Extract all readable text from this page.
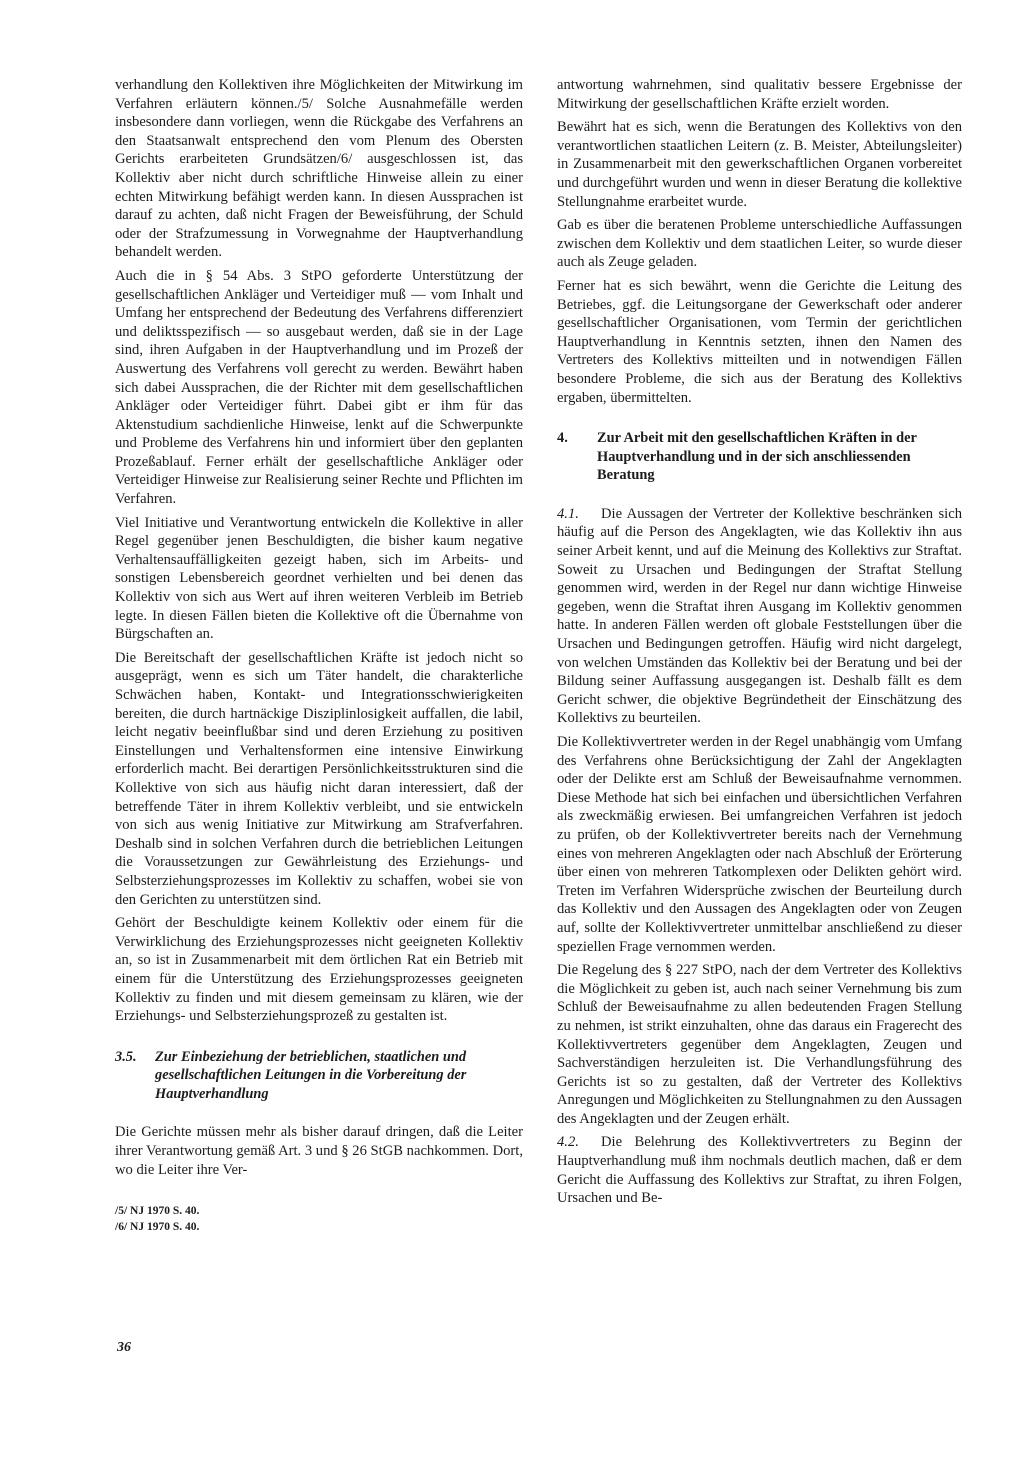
verhandlung den Kollektiven ihre Möglichkeiten der Mitwirkung im Verfahren erläutern können./5/ Solche Ausnahmefälle werden insbesondere dann vorliegen, wenn die Rückgabe des Verfahrens an den Staatsanwalt entsprechend den vom Plenum des Obersten Gerichts erarbeiteten Grundsätzen/6/ ausgeschlossen ist, das Kollektiv aber nicht durch schriftliche Hinweise allein zu einer echten Mitwirkung befähigt werden kann. In diesen Aussprachen ist darauf zu achten, daß nicht Fragen der Beweisführung, der Schuld oder der Strafzumessung in Vorwegnahme der Hauptverhandlung behandelt werden.

Auch die in § 54 Abs. 3 StPO geforderte Unterstützung der gesellschaftlichen Ankläger und Verteidiger muß — vom Inhalt und Umfang her entsprechend der Bedeutung des Verfahrens differenziert und deliktsspezifisch — so ausgebaut werden, daß sie in der Lage sind, ihren Aufgaben in der Hauptverhandlung und im Prozeß der Auswertung des Verfahrens voll gerecht zu werden. Bewährt haben sich dabei Aussprachen, die der Richter mit dem gesellschaftlichen Ankläger oder Verteidiger führt. Dabei gibt er ihm für das Aktenstudium sachdienliche Hinweise, lenkt auf die Schwerpunkte und Probleme des Verfahrens hin und informiert über den geplanten Prozeßablauf. Ferner erhält der gesellschaftliche Ankläger oder Verteidiger Hinweise zur Realisierung seiner Rechte und Pflichten im Verfahren.

Viel Initiative und Verantwortung entwickeln die Kollektive in aller Regel gegenüber jenen Beschuldigten, die bisher kaum negative Verhaltensauffälligkeiten gezeigt haben, sich im Arbeits- und sonstigen Lebensbereich geordnet verhielten und bei denen das Kollektiv von sich aus Wert auf ihren weiteren Verbleib im Betrieb legte. In diesen Fällen bieten die Kollektive oft die Übernahme von Bürgschaften an.

Die Bereitschaft der gesellschaftlichen Kräfte ist jedoch nicht so ausgeprägt, wenn es sich um Täter handelt, die charakterliche Schwächen haben, Kontakt- und Integrationsschwierigkeiten bereiten, die durch hartnäckige Disziplinlosigkeit auffallen, die labil, leicht negativ beeinflußbar sind und deren Erziehung zu positiven Einstellungen und Verhaltensformen eine intensive Einwirkung erforderlich macht. Bei derartigen Persönlichkeitsstrukturen sind die Kollektive von sich aus häufig nicht daran interessiert, daß der betreffende Täter in ihrem Kollektiv verbleibt, und sie entwickeln von sich aus wenig Initiative zur Mitwirkung am Strafverfahren. Deshalb sind in solchen Verfahren durch die betrieblichen Leitungen die Voraussetzungen zur Gewährleistung des Erziehungs- und Selbsterziehungsprozesses im Kollektiv zu schaffen, wobei sie von den Gerichten zu unterstützen sind.

Gehört der Beschuldigte keinem Kollektiv oder einem für die Verwirklichung des Erziehungsprozesses nicht geeigneten Kollektiv an, so ist in Zusammenarbeit mit dem örtlichen Rat ein Betrieb mit einem für die Unterstützung des Erziehungsprozesses geeigneten Kollektiv zu finden und mit diesem gemeinsam zu klären, wie der Erziehungs- und Selbsterziehungsprozeß zu gestalten ist.

3.5.	Zur Einbeziehung der betrieblichen, staatlichen und gesellschaftlichen Leitungen in die Vorbereitung der Hauptverhandlung

Die Gerichte müssen mehr als bisher darauf dringen, daß die Leiter ihrer Verantwortung gemäß Art. 3 und § 26 StGB nachkommen. Dort, wo die Leiter ihre Ver-

/5/ NJ 1970 S. 40.
/6/ NJ 1970 S. 40.

antwortung wahrnehmen, sind qualitativ bessere Ergebnisse der Mitwirkung der gesellschaftlichen Kräfte erzielt worden.

Bewährt hat es sich, wenn die Beratungen des Kollektivs von den verantwortlichen staatlichen Leitern (z. B. Meister, Abteilungsleiter) in Zusammenarbeit mit den gewerkschaftlichen Organen vorbereitet und durchgeführt wurden und wenn in dieser Beratung die kollektive Stellungnahme erarbeitet wurde.

Gab es über die beratenen Probleme unterschiedliche Auffassungen zwischen dem Kollektiv und dem staatlichen Leiter, so wurde dieser auch als Zeuge geladen.

Ferner hat es sich bewährt, wenn die Gerichte die Leitung des Betriebes, ggf. die Leitungsorgane der Gewerkschaft oder anderer gesellschaftlicher Organisationen, vom Termin der gerichtlichen Hauptverhandlung in Kenntnis setzten, ihnen den Namen des Vertreters des Kollektivs mitteilten und in notwendigen Fällen besondere Probleme, die sich aus der Beratung des Kollektivs ergaben, übermittelten.

4.	Zur Arbeit mit den gesellschaftlichen Kräften in der Hauptverhandlung und in der sich anschliessenden Beratung

4.1. Die Aussagen der Vertreter der Kollektive beschränken sich häufig auf die Person des Angeklagten, wie das Kollektiv ihn aus seiner Arbeit kennt, und auf die Meinung des Kollektivs zur Straftat. Soweit zu Ursachen und Bedingungen der Straftat Stellung genommen wird, werden in der Regel nur dann wichtige Hinweise gegeben, wenn die Straftat ihren Ausgang im Kollektiv genommen hatte. In anderen Fällen werden oft globale Feststellungen über die Ursachen und Bedingungen getroffen. Häufig wird nicht dargelegt, von welchen Umständen das Kollektiv bei der Beratung und bei der Bildung seiner Auffassung ausgegangen ist. Deshalb fällt es dem Gericht schwer, die objektive Begründetheit der Einschätzung des Kollektivs zu beurteilen.

Die Kollektivvertreter werden in der Regel unabhängig vom Umfang des Verfahrens ohne Berücksichtigung der Zahl der Angeklagten oder der Delikte erst am Schluß der Beweisaufnahme vernommen. Diese Methode hat sich bei einfachen und übersichtlichen Verfahren als zweckmäßig erwiesen. Bei umfangreichen Verfahren ist jedoch zu prüfen, ob der Kollektivvertreter bereits nach der Vernehmung eines von mehreren Angeklagten oder nach Abschluß der Erörterung über einen von mehreren Tatkomplexen oder Delikten gehört wird. Treten im Verfahren Widersprüche zwischen der Beurteilung durch das Kollektiv und den Aussagen des Angeklagten oder von Zeugen auf, sollte der Kollektivvertreter unmittelbar anschließend zu dieser speziellen Frage vernommen werden.

Die Regelung des § 227 StPO, nach der dem Vertreter des Kollektivs die Möglichkeit zu geben ist, auch nach seiner Vernehmung bis zum Schluß der Beweisaufnahme zu allen bedeutenden Fragen Stellung zu nehmen, ist strikt einzuhalten, ohne das daraus ein Fragerecht des Kollektivvertreters gegenüber dem Angeklagten, Zeugen und Sachverständigen herzuleiten ist. Die Verhandlungsführung des Gerichts ist so zu gestalten, daß der Vertreter des Kollektivs Anregungen und Möglichkeiten zu Stellungnahmen zu den Aussagen des Angeklagten und der Zeugen erhält.

4.2. Die Belehrung des Kollektivvertreters zu Beginn der Hauptverhandlung muß ihm nochmals deutlich machen, daß er dem Gericht die Auffassung des Kollektivs zur Straftat, zu ihren Folgen, Ursachen und Be-

36
